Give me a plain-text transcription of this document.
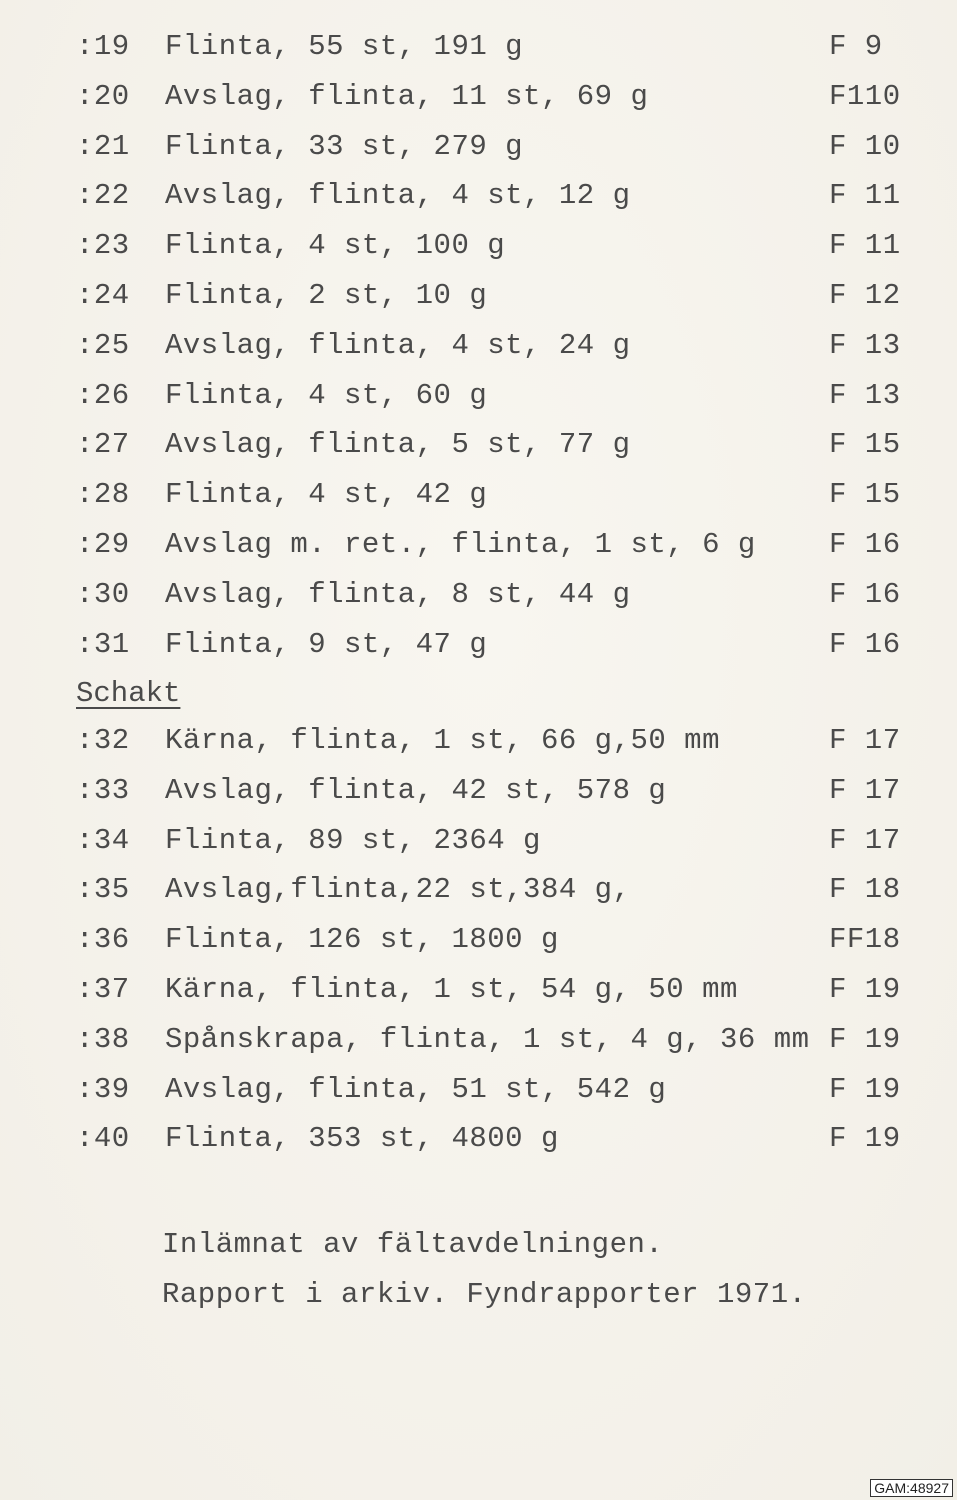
:19 Flinta, 55 st, 191 g	F 9
:20 Avslag, flinta, 11 st, 69 g	F110
:21 Flinta, 33 st, 279 g	F 10
:22 Avslag, flinta, 4 st, 12 g	F 11
:23 Flinta, 4 st, 100 g	F 11
:24 Flinta, 2 st, 10 g	F 12
:25 Avslag, flinta, 4 st, 24 g	F 13
:26 Flinta, 4 st, 60 g	F 13
:27 Avslag, flinta, 5 st, 77 g	F 15
:28 Flinta, 4 st, 42 g	F 15
:29 Avslag m. ret., flinta, 1 st, 6 g	F 16
:30 Avslag, flinta, 8 st, 44 g	F 16
:31 Flinta, 9 st, 47 g	F 16
Schakt
:32 Kärna, flinta, 1 st, 66 g,50 mm	F 17
:33 Avslag, flinta, 42 st, 578 g	F 17
:34 Flinta, 89 st, 2364 g	F 17
:35 Avslag,flinta,22 st,384 g,	F 18
:36 Flinta, 126 st, 1800 g	FF18
:37 Kärna, flinta, 1 st, 54 g, 50 mm	F 19
:38 Spånskrapa, flinta, 1 st, 4 g, 36 mm F 19
:39 Avslag, flinta, 51 st, 542 g	F 19
:40 Flinta, 353 st, 4800 g	F 19
Inlämnat av fältavdelningen.
Rapport i arkiv. Fyndrapporter 1971.
GAM:48927
